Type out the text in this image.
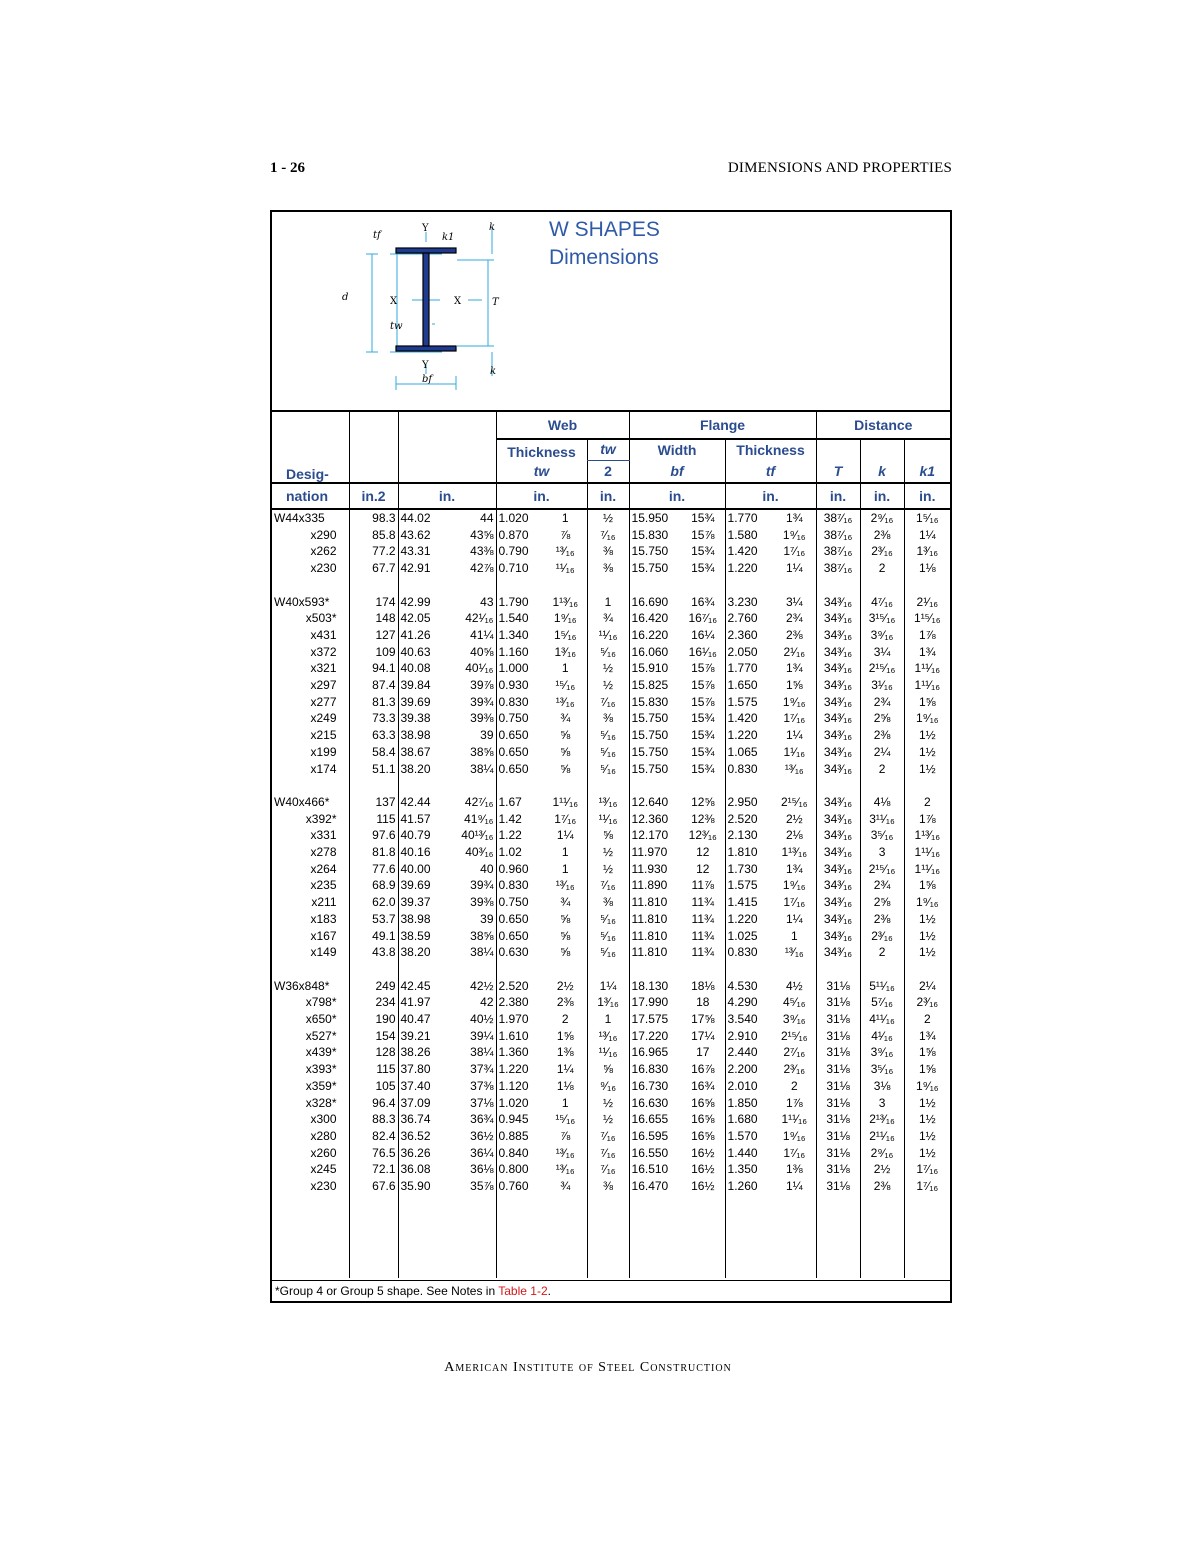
1 - 26	DIMENSIONS AND PROPERTIES
tf
Y
k1
k
d	X	X	T
tw
Y
k
bf
W SHAPES
Dimensions
Desig-				Web			Flange				Distance		
				Thickness		tw	Width		Thickness				
				tw		2	bf		tf		T	k	k1
nation	in.2	in.		in.		in.	in.		in.		in.	in.	in.
W44x335	98.3	44.02	44	1.020	1	½	15.950	15¾	1.770	1¾	38⁷⁄₁₆	2⁹⁄₁₆	1⁵⁄₁₆
x290	85.8	43.62	43⅝	0.870	⅞	⁷⁄₁₆	15.830	15⅞	1.580	1⁹⁄₁₆	38⁷⁄₁₆	2⅜	1¼
x262	77.2	43.31	43⅜	0.790	¹³⁄₁₆	⅜	15.750	15¾	1.420	1⁷⁄₁₆	38⁷⁄₁₆	2³⁄₁₆	1³⁄₁₆
x230	67.7	42.91	42⅞	0.710	¹¹⁄₁₆	⅜	15.750	15¾	1.220	1¼	38⁷⁄₁₆	2	1⅛

W40x593*	174	42.99	43	1.790	1¹³⁄₁₆	1	16.690	16¾	3.230	3¼	34³⁄₁₆	4⁷⁄₁₆	2¹⁄₁₆
x503*	148	42.05	42¹⁄₁₆	1.540	1⁹⁄₁₆	¾	16.420	16⁷⁄₁₆	2.760	2¾	34³⁄₁₆	3¹⁵⁄₁₆	1¹⁵⁄₁₆
x431	127	41.26	41¼	1.340	1⁵⁄₁₆	¹¹⁄₁₆	16.220	16¼	2.360	2⅜	34³⁄₁₆	3⁹⁄₁₆	1⅞
x372	109	40.63	40⅝	1.160	1³⁄₁₆	⁵⁄₁₆	16.060	16¹⁄₁₆	2.050	2¹⁄₁₆	34³⁄₁₆	3¼	1¾
x321	94.1	40.08	40¹⁄₁₆	1.000	1	½	15.910	15⅞	1.770	1¾	34³⁄₁₆	2¹⁵⁄₁₆	1¹¹⁄₁₆
x297	87.4	39.84	39⅞	0.930	¹⁵⁄₁₆	½	15.825	15⅞	1.650	1⅝	34³⁄₁₆	3¹⁄₁₆	1¹¹⁄₁₆
x277	81.3	39.69	39¾	0.830	¹³⁄₁₆	⁷⁄₁₆	15.830	15⅞	1.575	1⁹⁄₁₆	34³⁄₁₆	2¾	1⅝
x249	73.3	39.38	39⅜	0.750	¾	⅜	15.750	15¾	1.420	1⁷⁄₁₆	34³⁄₁₆	2⅝	1⁹⁄₁₆
x215	63.3	38.98	39	0.650	⅝	⁵⁄₁₆	15.750	15¾	1.220	1¼	34³⁄₁₆	2⅜	1½
x199	58.4	38.67	38⅝	0.650	⅝	⁵⁄₁₆	15.750	15¾	1.065	1¹⁄₁₆	34³⁄₁₆	2¼	1½
x174	51.1	38.20	38¼	0.650	⅝	⁵⁄₁₆	15.750	15¾	0.830	¹³⁄₁₆	34³⁄₁₆	2	1½

W40x466*	137	42.44	42⁷⁄₁₆	1.67	1¹¹⁄₁₆	¹³⁄₁₆	12.640	12⅝	2.950	2¹⁵⁄₁₆	34³⁄₁₆	4⅛	2
x392*	115	41.57	41⁹⁄₁₆	1.42	1⁷⁄₁₆	¹¹⁄₁₆	12.360	12⅜	2.520	2½	34³⁄₁₆	3¹¹⁄₁₆	1⅞
x331	97.6	40.79	40¹³⁄₁₆	1.22	1¼	⅝	12.170	12³⁄₁₆	2.130	2⅛	34³⁄₁₆	3⁵⁄₁₆	1¹³⁄₁₆
x278	81.8	40.16	40³⁄₁₆	1.02	1	½	11.970	12	1.810	1¹³⁄₁₆	34³⁄₁₆	3	1¹¹⁄₁₆
x264	77.6	40.00	40	0.960	1	½	11.930	12	1.730	1¾	34³⁄₁₆	2¹⁵⁄₁₆	1¹¹⁄₁₆
x235	68.9	39.69	39¾	0.830	¹³⁄₁₆	⁷⁄₁₆	11.890	11⅞	1.575	1⁹⁄₁₆	34³⁄₁₆	2¾	1⅝
x211	62.0	39.37	39⅜	0.750	¾	⅜	11.810	11¾	1.415	1⁷⁄₁₆	34³⁄₁₆	2⅝	1⁹⁄₁₆
x183	53.7	38.98	39	0.650	⅝	⁵⁄₁₆	11.810	11¾	1.220	1¼	34³⁄₁₆	2⅜	1½
x167	49.1	38.59	38⅝	0.650	⅝	⁵⁄₁₆	11.810	11¾	1.025	1	34³⁄₁₆	2³⁄₁₆	1½
x149	43.8	38.20	38¼	0.630	⅝	⁵⁄₁₆	11.810	11¾	0.830	¹³⁄₁₆	34³⁄₁₆	2	1½

W36x848*	249	42.45	42½	2.520	2½	1¼	18.130	18⅛	4.530	4½	31⅛	5¹¹⁄₁₆	2¼
x798*	234	41.97	42	2.380	2⅜	1³⁄₁₆	17.990	18	4.290	4⁵⁄₁₆	31⅛	5⁷⁄₁₆	2³⁄₁₆
x650*	190	40.47	40½	1.970	2	1	17.575	17⅝	3.540	3⁹⁄₁₆	31⅛	4¹¹⁄₁₆	2
x527*	154	39.21	39¼	1.610	1⅝	¹³⁄₁₆	17.220	17¼	2.910	2¹⁵⁄₁₆	31⅛	4¹⁄₁₆	1¾
x439*	128	38.26	38¼	1.360	1⅜	¹¹⁄₁₆	16.965	17	2.440	2⁷⁄₁₆	31⅛	3⁹⁄₁₆	1⅝
x393*	115	37.80	37¾	1.220	1¼	⅝	16.830	16⅞	2.200	2³⁄₁₆	31⅛	3⁵⁄₁₆	1⅝
x359*	105	37.40	37⅜	1.120	1⅛	⁹⁄₁₆	16.730	16¾	2.010	2	31⅛	3⅛	1⁹⁄₁₆
x328*	96.4	37.09	37⅛	1.020	1	½	16.630	16⅝	1.850	1⅞	31⅛	3	1½
x300	88.3	36.74	36¾	0.945	¹⁵⁄₁₆	½	16.655	16⅝	1.680	1¹¹⁄₁₆	31⅛	2¹³⁄₁₆	1½
x280	82.4	36.52	36½	0.885	⅞	⁷⁄₁₆	16.595	16⅝	1.570	1⁹⁄₁₆	31⅛	2¹¹⁄₁₆	1½
x260	76.5	36.26	36¼	0.840	¹³⁄₁₆	⁷⁄₁₆	16.550	16½	1.440	1⁷⁄₁₆	31⅛	2⁹⁄₁₆	1½
x245	72.1	36.08	36⅛	0.800	¹³⁄₁₆	⁷⁄₁₆	16.510	16½	1.350	1⅜	31⅛	2½	1⁷⁄₁₆
x230	67.6	35.90	35⅞	0.760	¾	⅜	16.470	16½	1.260	1¼	31⅛	2⅜	1⁷⁄₁₆

*Group 4 or Group 5 shape. See Notes in Table 1-2.
American Institute of Steel Construction
